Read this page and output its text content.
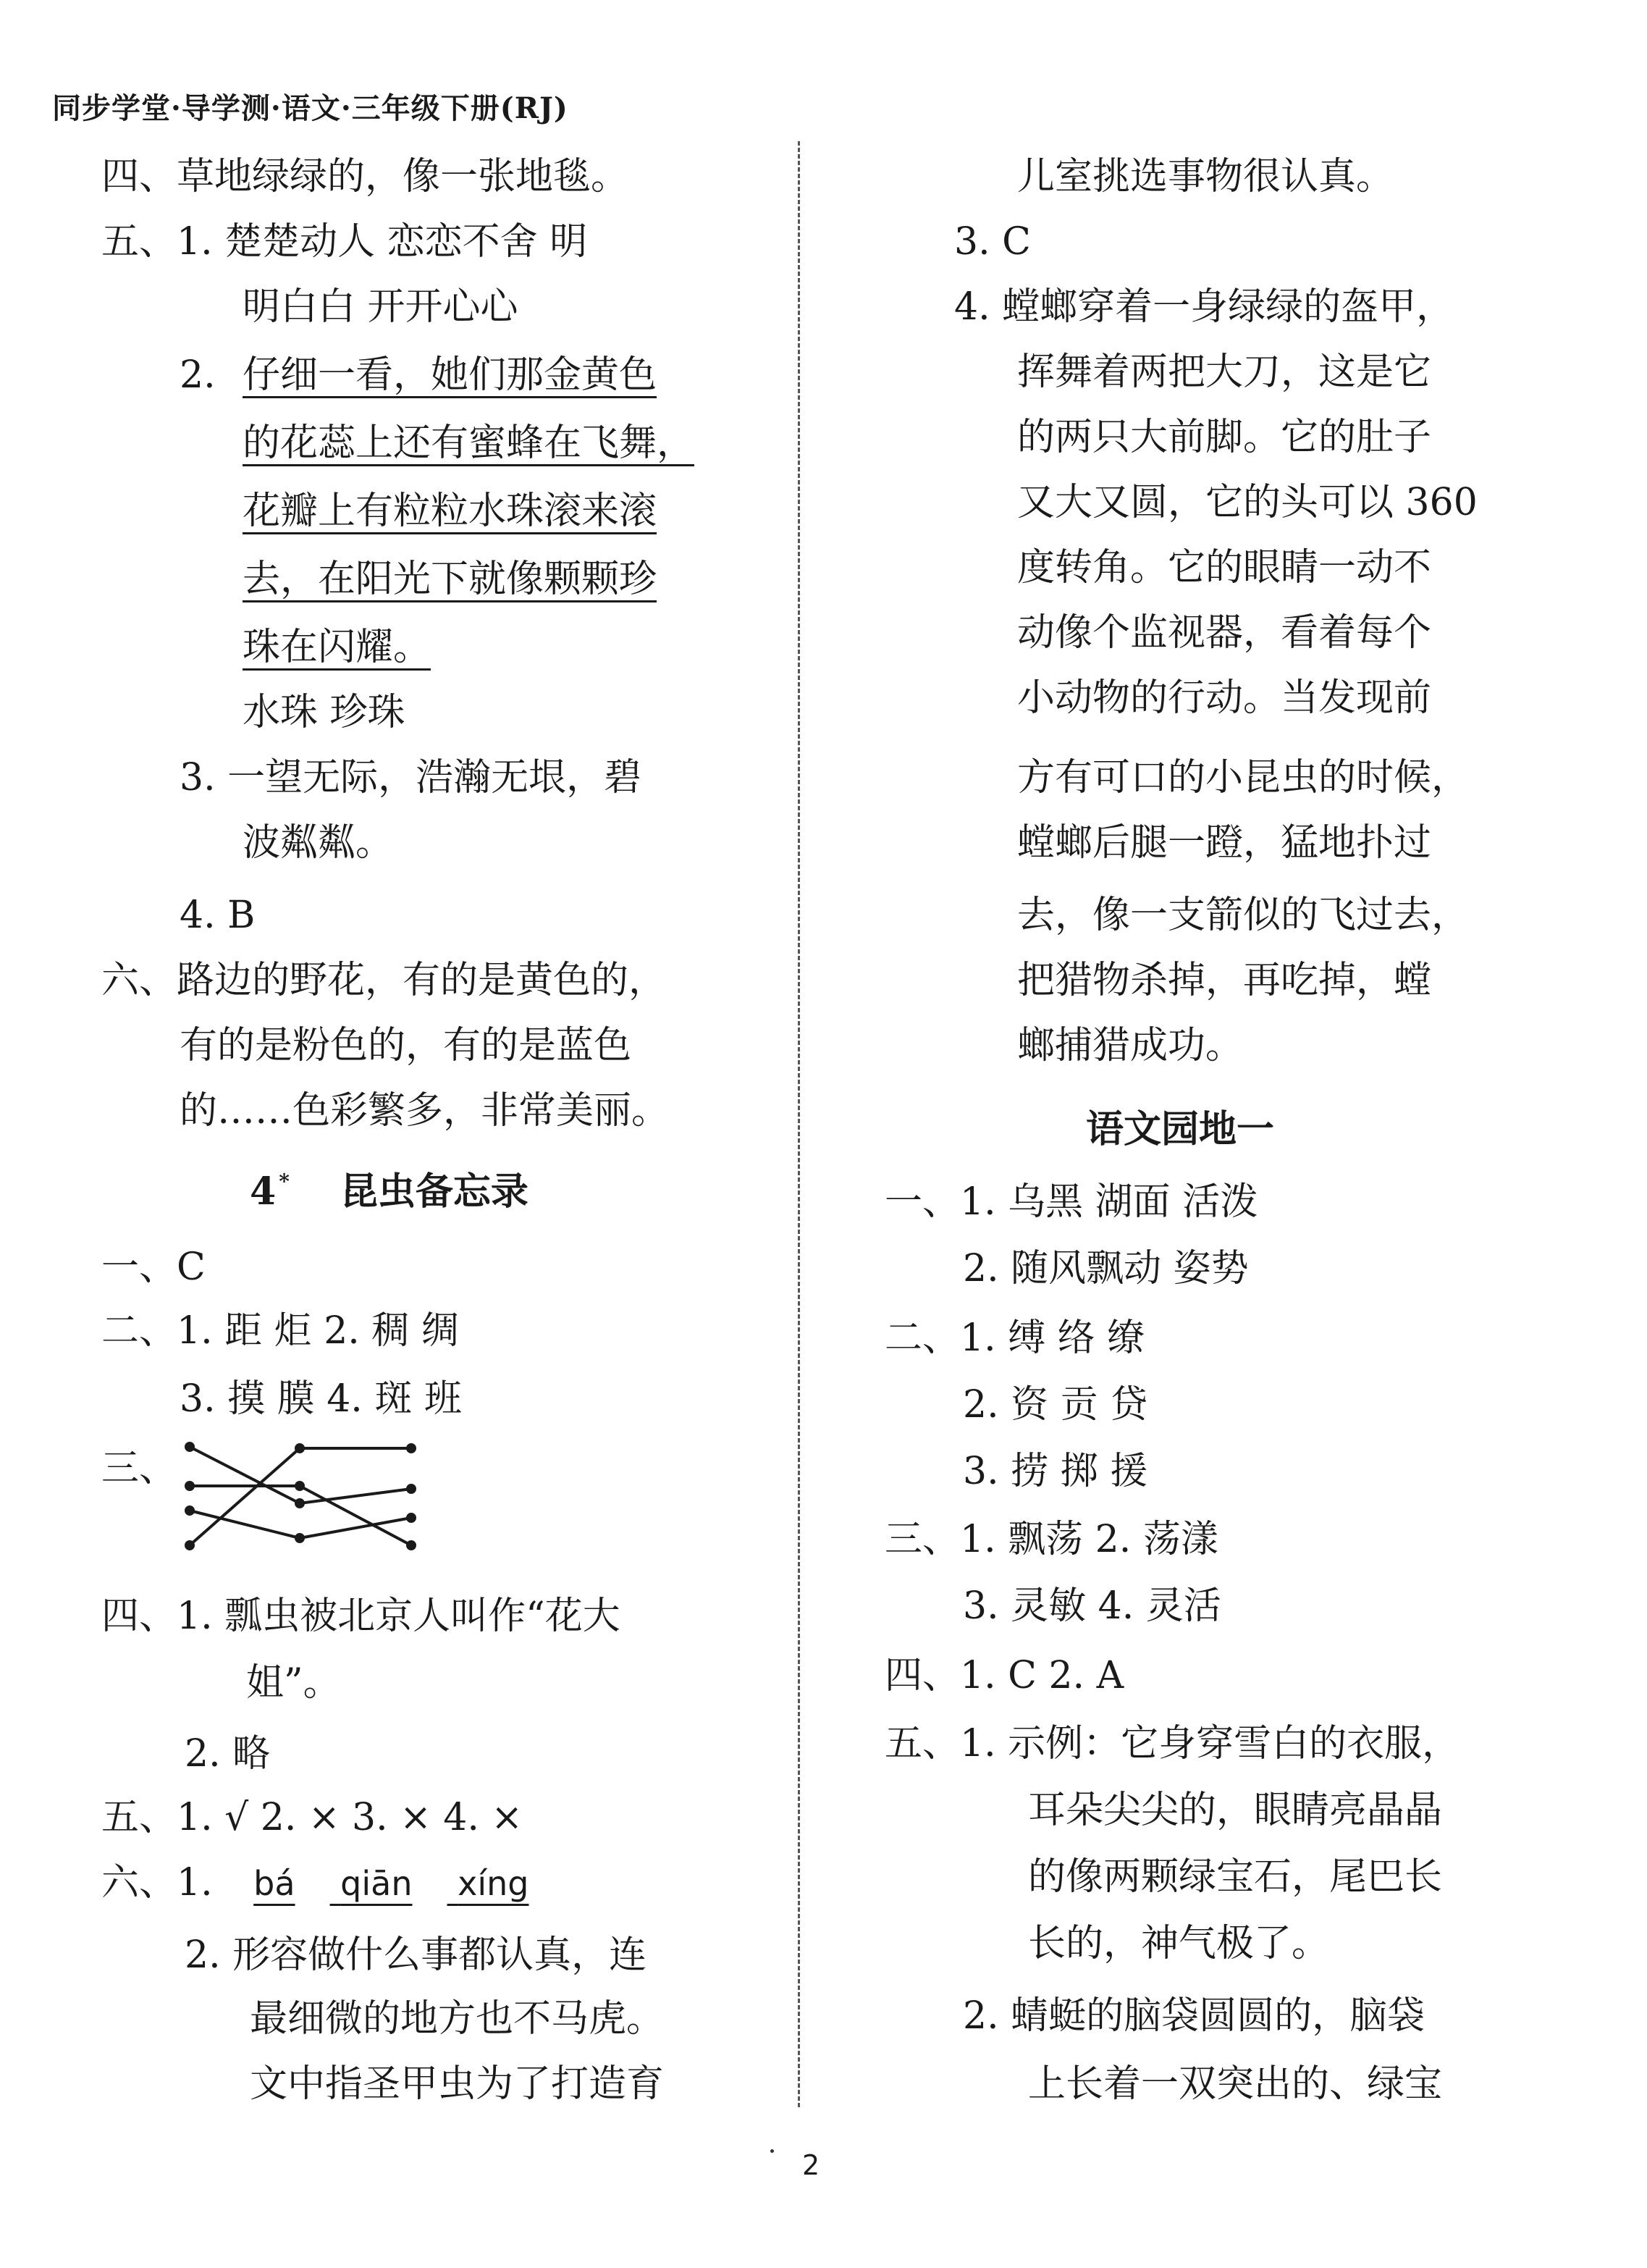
同步学堂·导学测·语文·三年级下册(RJ)
四、草地绿绿的，像一张地毯。
五、1. 楚楚动人 恋恋不舍 明
明白白 开开心心
2. 仔细一看，她们那金黄色
的花蕊上还有蜜蜂在飞舞，
花瓣上有粒粒水珠滚来滚
去，在阳光下就像颗颗珍
珠在闪耀。
水珠 珍珠
3. 一望无际，浩瀚无垠，碧
波粼粼。
4. B
六、路边的野花，有的是黄色的，
有的是粉色的，有的是蓝色
的……色彩繁多，非常美丽。
4 * 昆虫备忘录
一、C
二、1. 距 炬 2. 稠 绸
3. 摸 膜 4. 斑 班
三、
四、1. 瓢虫被北京人叫作“花大
姐”。
2. 略
五、1. √ 2. × 3. × 4. ×
六、1. bá qiān xíng
2. 形容做什么事都认真，连
最细微的地方也不马虎。
文中指圣甲虫为了打造育
儿室挑选事物很认真。
3. C
4. 螳螂穿着一身绿绿的盔甲，
挥舞着两把大刀，这是它
的两只大前脚。它的肚子
又大又圆，它的头可以 360
度转角。它的眼睛一动不
动像个监视器，看着每个
小动物的行动。当发现前
方有可口的小昆虫的时候，
螳螂后腿一蹬，猛地扑过
去，像一支箭似的飞过去，
把猎物杀掉，再吃掉，螳
螂捕猎成功。
语文园地一
一、1. 乌黑 湖面 活泼
2. 随风飘动 姿势
二、1. 缚 络 缭
2. 资 贡 贷
3. 捞 掷 援
三、1. 飘荡 2. 荡漾
3. 灵敏 4. 灵活
四、1. C 2. A
五、1. 示例：它身穿雪白的衣服，
耳朵尖尖的，眼睛亮晶晶
的像两颗绿宝石，尾巴长
长的，神气极了。
2. 蜻蜓的脑袋圆圆的，脑袋
上长着一双突出的、绿宝
2
